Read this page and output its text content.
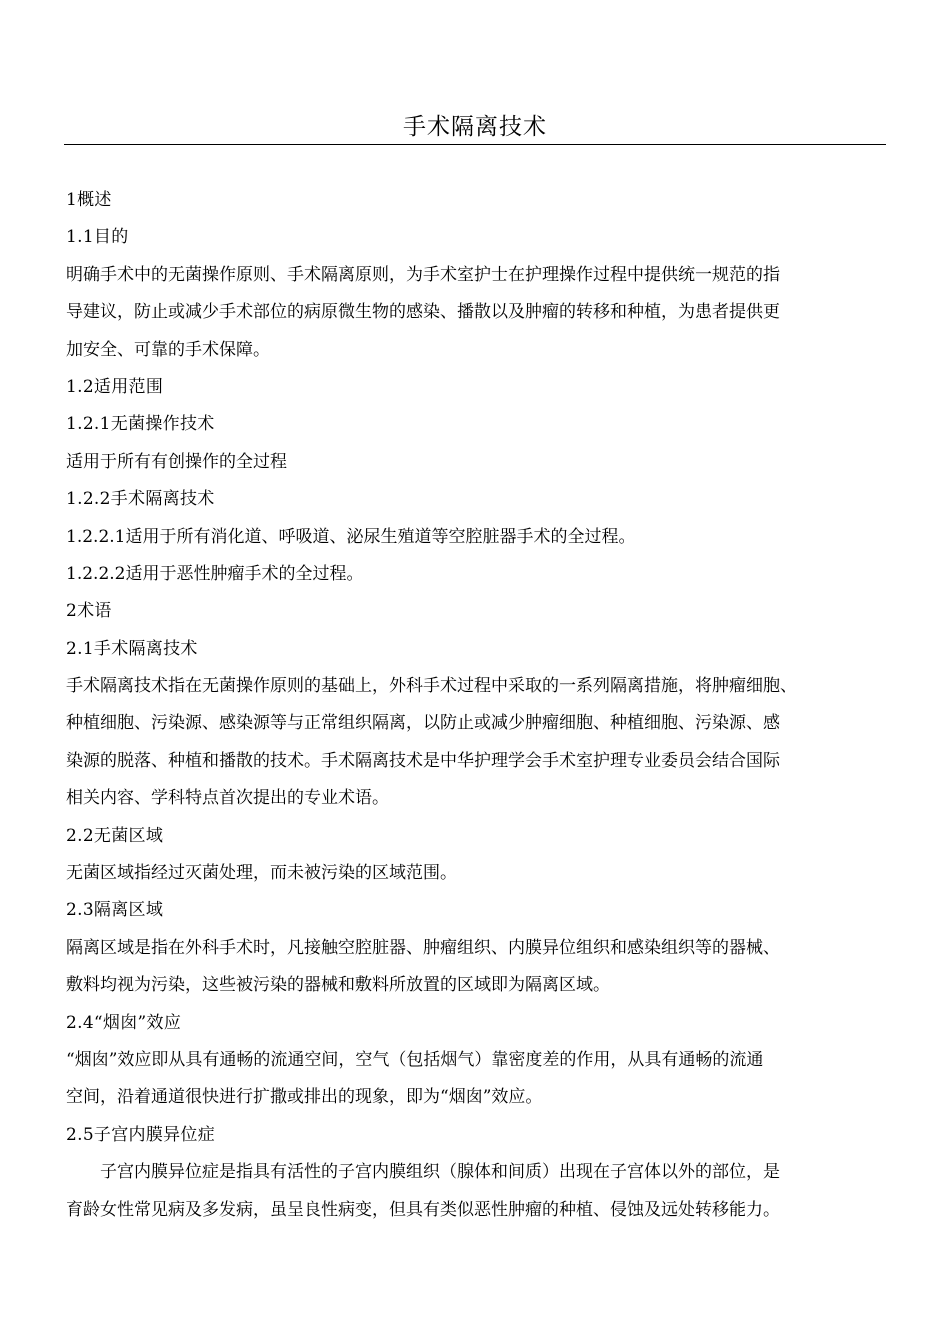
手术隔离技术
1概述
1.1目的
明确手术中的无菌操作原则、手术隔离原则，为手术室护士在护理操作过程中提供统一规范的指
导建议，防止或减少手术部位的病原微生物的感染、播散以及肿瘤的转移和种植，为患者提供更
加安全、可靠的手术保障。
1.2适用范围
1.2.1无菌操作技术
适用于所有有创操作的全过程
1.2.2手术隔离技术
1.2.2.1适用于所有消化道、呼吸道、泌尿生殖道等空腔脏器手术的全过程。
1.2.2.2适用于恶性肿瘤手术的全过程。
2术语
2.1手术隔离技术
手术隔离技术指在无菌操作原则的基础上，外科手术过程中采取的一系列隔离措施，将肿瘤细胞、
种植细胞、污染源、感染源等与正常组织隔离，以防止或减少肿瘤细胞、种植细胞、污染源、感
染源的脱落、种植和播散的技术。手术隔离技术是中华护理学会手术室护理专业委员会结合国际
相关内容、学科特点首次提出的专业术语。
2.2无菌区域
无菌区域指经过灭菌处理，而未被污染的区域范围。
2.3隔离区域
隔离区域是指在外科手术时，凡接触空腔脏器、肿瘤组织、内膜异位组织和感染组织等的器械、
敷料均视为污染，这些被污染的器械和敷料所放置的区域即为隔离区域。
2.4“烟囱”效应
“烟囱”效应即从具有通畅的流通空间，空气（包括烟气）靠密度差的作用，从具有通畅的流通
空间，沿着通道很快进行扩撒或排出的现象，即为“烟囱”效应。
2.5子宫内膜异位症
子宫内膜异位症是指具有活性的子宫内膜组织（腺体和间质）出现在子宫体以外的部位，是
育龄女性常见病及多发病，虽呈良性病变，但具有类似恶性肿瘤的种植、侵蚀及远处转移能力。
